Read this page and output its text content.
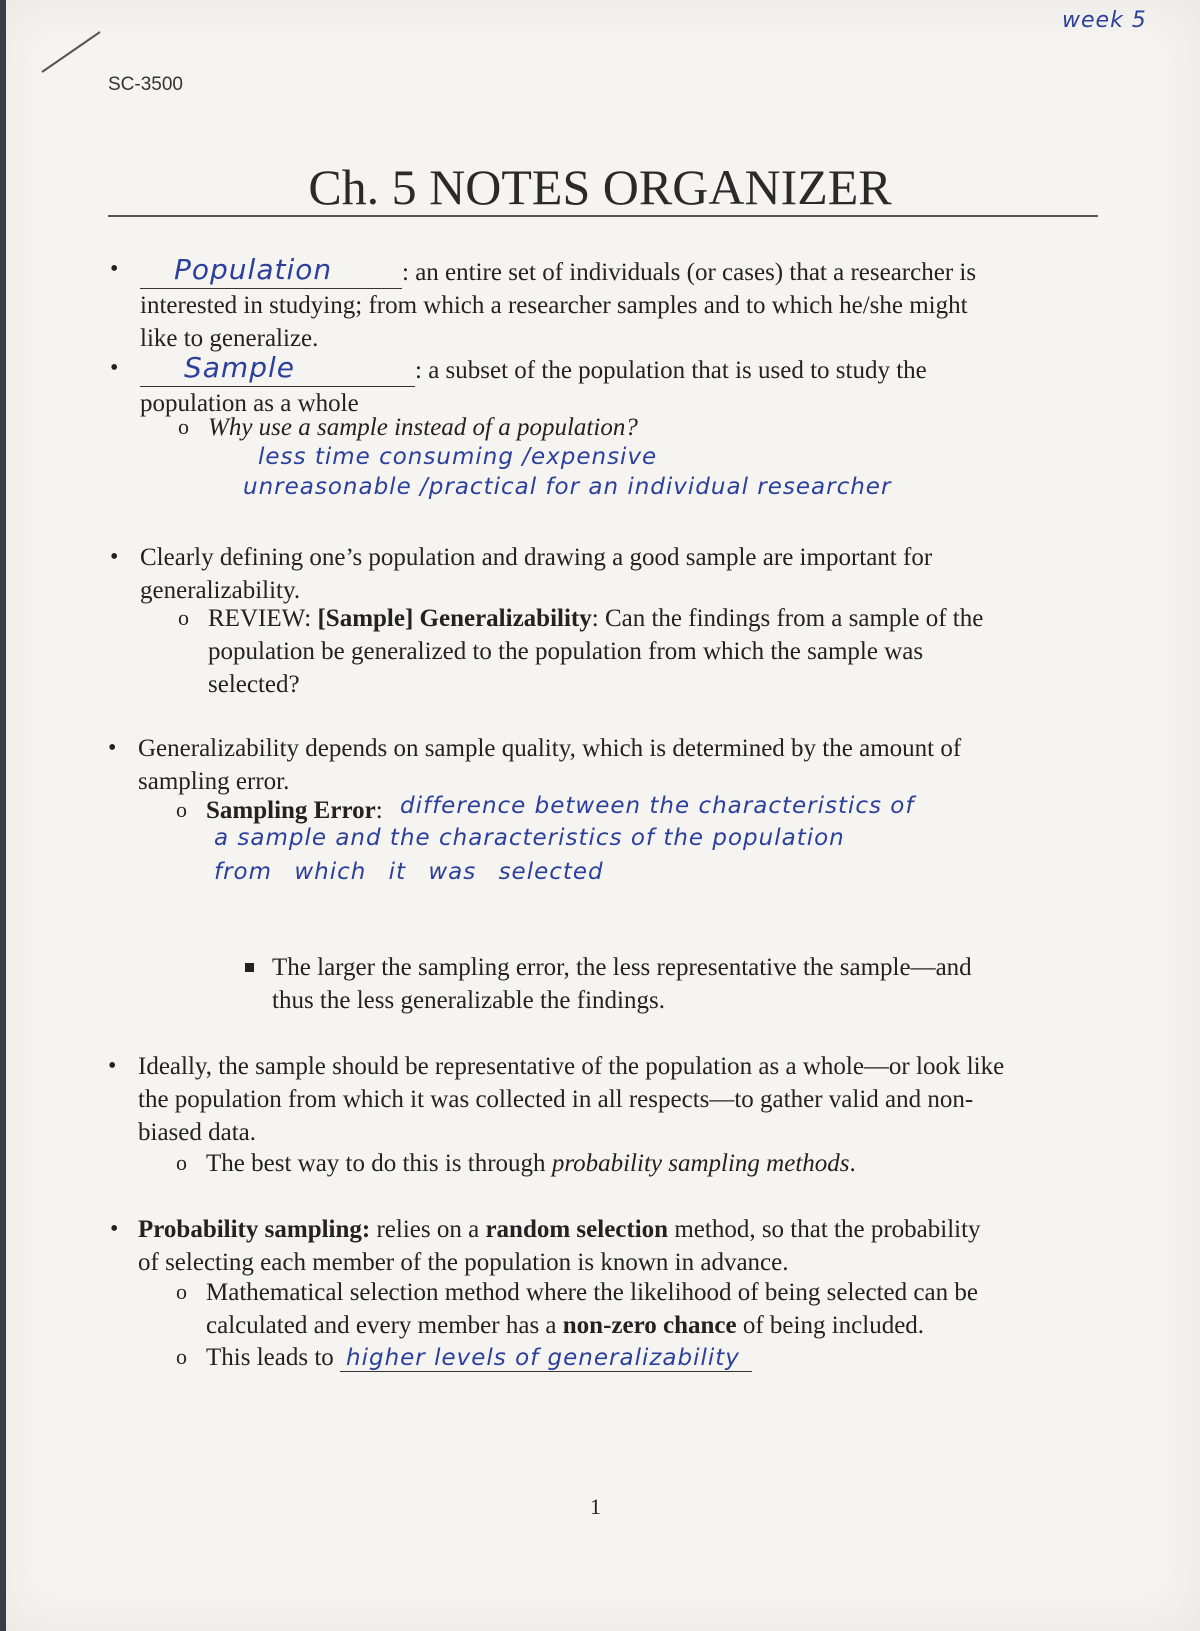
week 5
SC-3500
Ch. 5 NOTES ORGANIZER
• Population	: an entire set of individuals (or cases) that a researcher is
interested in studying; from which a researcher samples and to which he/she might
like to generalize.
• Sample	: a subset of the population that is used to study the
population as a whole
o Why use a sample instead of a population?
less time consuming /expensive
unreasonable /practical for an individual researcher
• Clearly defining one’s population and drawing a good sample are important for
generalizability.
o REVIEW: [Sample] Generalizability: Can the findings from a sample of the
population be generalized to the population from which the sample was
selected?
• Generalizability depends on sample quality, which is determined by the amount of
sampling error.
o Sampling Error: difference between the characteristics of
a sample and the characteristics of the population
from which it was selected
The larger the sampling error, the less representative the sample—and
thus the less generalizable the findings.
• Ideally, the sample should be representative of the population as a whole—or look like
the population from which it was collected in all respects—to gather valid and non-
biased data.
o The best way to do this is through probability sampling methods.
• Probability sampling: relies on a random selection method, so that the probability
of selecting each member of the population is known in advance.
o Mathematical selection method where the likelihood of being selected can be
calculated and every member has a non-zero chance of being included.
o This leads to higher levels of generalizability
1
